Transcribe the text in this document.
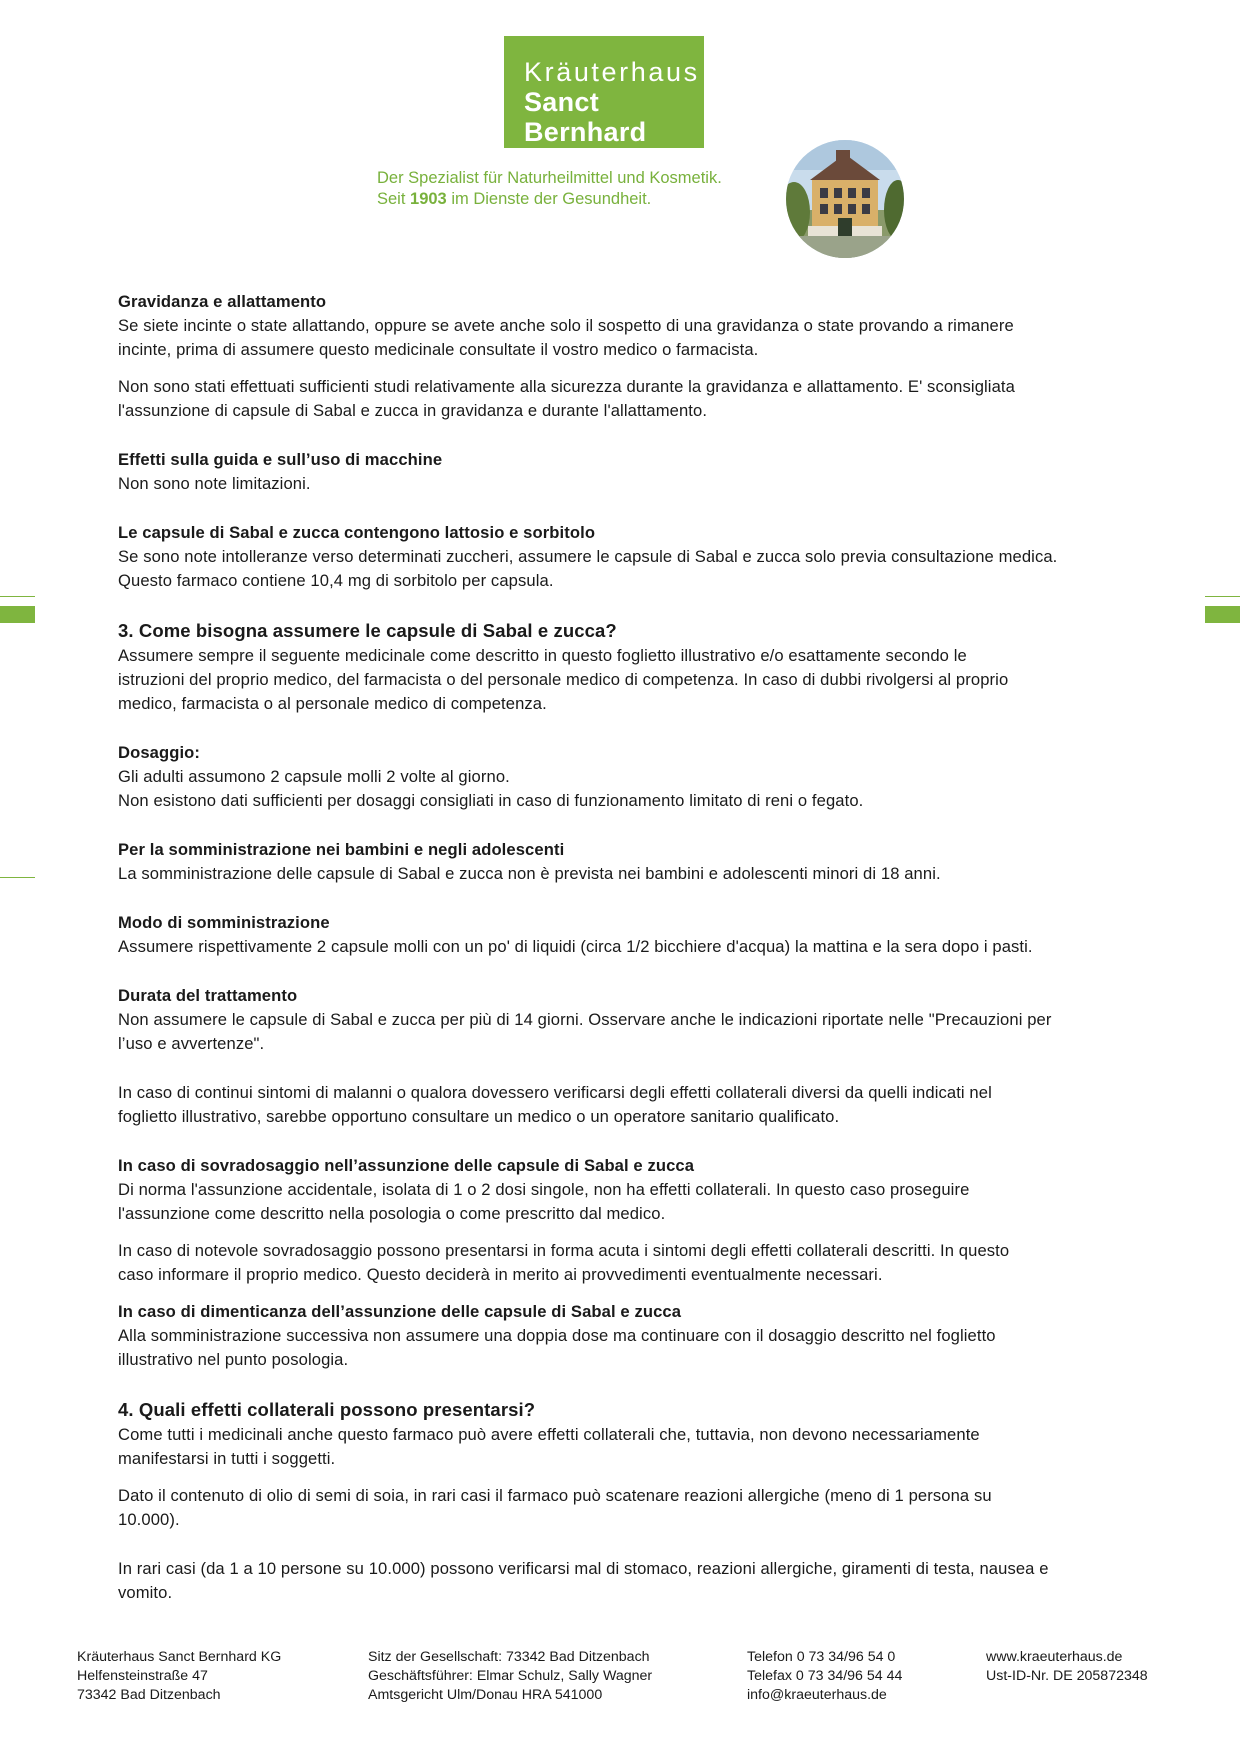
Kräuterhaus
Sanct Bernhard
Der Spezialist für Naturheilmittel und Kosmetik.
Seit 1903 im Dienste der Gesundheit.
Gravidanza e allattamento

Se siete incinte o state allattando, oppure se avete anche solo il sospetto di una gravidanza o state provando a rimanere

incinte, prima di assumere questo medicinale consultate il vostro medico o farmacista.

Non sono stati effettuati sufficienti studi relativamente alla sicurezza durante la gravidanza e allattamento. E' sconsigliata

l'assunzione di capsule di Sabal e zucca in gravidanza e durante l'allattamento.

Effetti sulla guida e sull’uso di macchine

Non sono note limitazioni.

Le capsule di Sabal e zucca contengono lattosio e sorbitolo

Se sono note intolleranze verso determinati zuccheri, assumere le capsule di Sabal e zucca solo previa consultazione medica.

Questo farmaco contiene 10,4 mg di sorbitolo per capsula.

3. Come bisogna assumere le capsule di Sabal e zucca?

Assumere sempre il seguente medicinale come descritto in questo foglietto illustrativo e/o esattamente secondo le

istruzioni del proprio medico, del farmacista o del personale medico di competenza. In caso di dubbi rivolgersi al proprio

medico, farmacista o al personale medico di competenza.

Dosaggio:

Gli adulti assumono 2 capsule molli 2 volte al giorno.

Non esistono dati sufficienti per dosaggi consigliati in caso di funzionamento limitato di reni o fegato.

Per la somministrazione nei bambini e negli adolescenti

La somministrazione delle capsule di Sabal e zucca non è prevista nei bambini e adolescenti minori di 18 anni.

Modo di somministrazione

Assumere rispettivamente 2 capsule molli con un po' di liquidi (circa 1/2 bicchiere d'acqua) la mattina e la sera dopo i pasti.

Durata del trattamento

Non assumere le capsule di Sabal e zucca per più di 14 giorni. Osservare anche le indicazioni riportate nelle "Precauzioni per

l’uso e avvertenze".

In caso di continui sintomi di malanni o qualora dovessero verificarsi degli effetti collaterali diversi da quelli indicati nel

foglietto illustrativo, sarebbe opportuno consultare un medico o un operatore sanitario qualificato.

In caso di sovradosaggio nell’assunzione delle capsule di Sabal e zucca

Di norma l'assunzione accidentale, isolata di 1 o 2 dosi singole, non ha effetti collaterali. In questo caso proseguire

l'assunzione come descritto nella posologia o come prescritto dal medico.

In caso di notevole sovradosaggio possono presentarsi in forma acuta i sintomi degli effetti collaterali descritti. In questo

caso informare il proprio medico. Questo deciderà in merito ai provvedimenti eventualmente necessari.

In caso di dimenticanza dell’assunzione delle capsule di Sabal e zucca

Alla somministrazione successiva non assumere una doppia dose ma continuare con il dosaggio descritto nel foglietto

illustrativo nel punto posologia.

4. Quali effetti collaterali possono presentarsi?

Come tutti i medicinali anche questo farmaco può avere effetti collaterali che, tuttavia, non devono necessariamente

manifestarsi in tutti i soggetti.

Dato il contenuto di olio di semi di soia, in rari casi il farmaco può scatenare reazioni allergiche (meno di 1 persona su

10.000).

In rari casi (da 1 a 10 persone su 10.000) possono verificarsi mal di stomaco, reazioni allergiche, giramenti di testa, nausea e

vomito.

Kräuterhaus Sanct Bernhard KG
Helfensteinstraße 47
73342 Bad Ditzenbach
Sitz der Gesellschaft: 73342 Bad Ditzenbach
Geschäftsführer: Elmar Schulz, Sally Wagner
Amtsgericht Ulm/Donau HRA 541000
Telefon 0 73 34/96 54 0
Telefax 0 73 34/96 54 44
info@kraeuterhaus.de
www.kraeuterhaus.de
Ust-ID-Nr. DE 205872348
